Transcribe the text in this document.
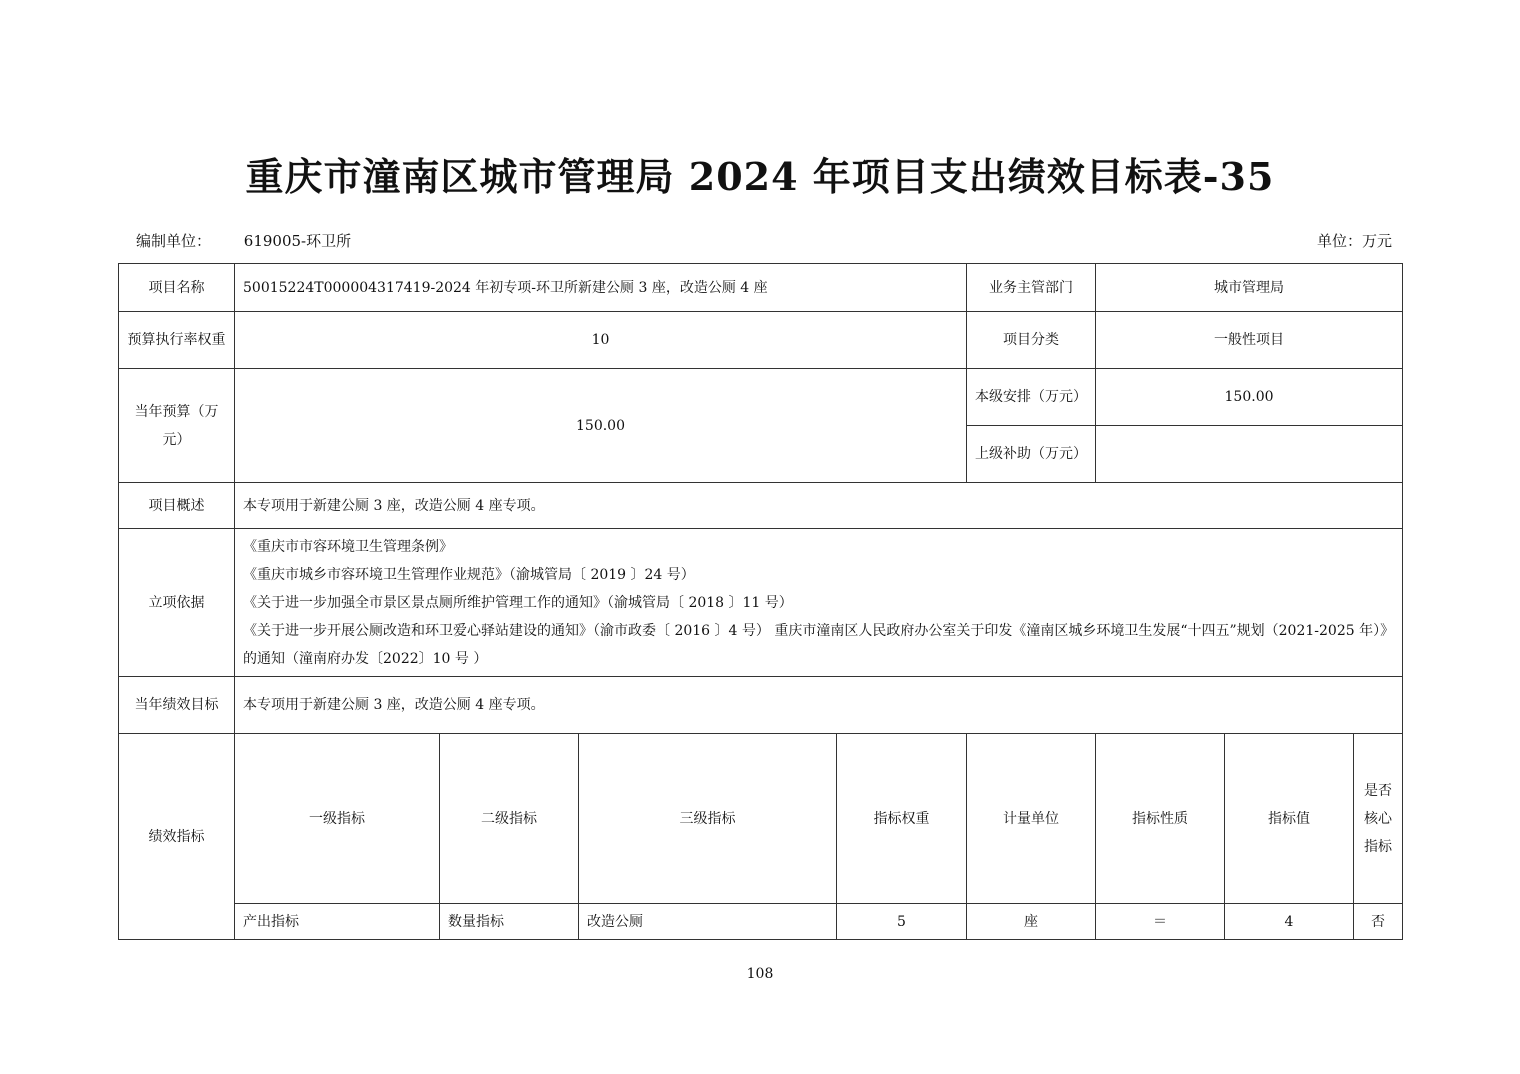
重庆市潼南区城市管理局 2024 年项目支出绩效目标表-35
编制单位： 619005-环卫所	单位：万元
项目名称	50015224T000004317419-2024 年初专项-环卫所新建公厕 3 座，改造公厕 4 座				业务主管部门	城市管理局		
预算执行率权重	10				项目分类	一般性项目		
当年预算（万元）	150.00				本级安排（万元）	150.00		
					上级补助（万元）			
项目概述	本专项用于新建公厕 3 座，改造公厕 4 座专项。							
立项依据	《重庆市市容环境卫生管理条例》
《重庆市城乡市容环境卫生管理作业规范》（渝城管局〔 2019 〕24 号）
《关于进一步加强全市景区景点厕所维护管理工作的通知》（渝城管局〔 2018 〕11 号）
《关于进一步开展公厕改造和环卫爱心驿站建设的通知》（渝市政委〔 2016 〕4 号） 重庆市潼南区人民政府办公室关于印发《潼南区城乡环境卫生发展“十四五”规划（2021-2025 年）》的通知（潼南府办发〔2022〕10 号 ）							

当年绩效目标	本专项用于新建公厕 3 座，改造公厕 4 座专项。							
绩效指标	一级指标	二级指标	三级指标	指标权重	计量单位	指标性质	指标值	是否核心指标
	产出指标	数量指标	改造公厕	5	座	＝	4	否
108
